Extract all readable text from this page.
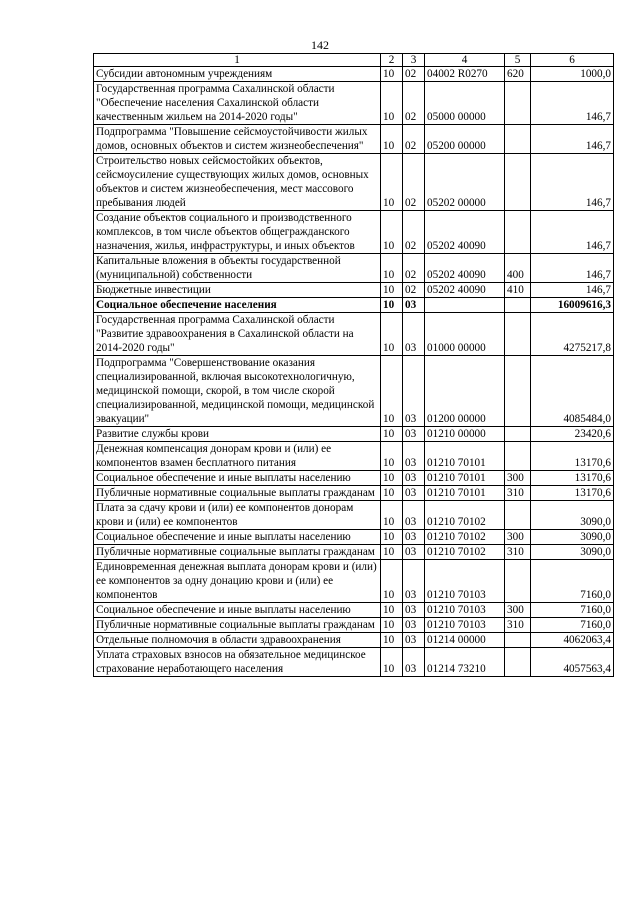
142
1	2	3	4	5	6
Субсидии автономным учреждениям	10	02	04002 R0270	620	1000,0
Государственная программа Сахалинской области "Обеспечение населения Сахалинской области качественным жильем на 2014-2020 годы"	10	02	05000 00000		146,7
Подпрограмма "Повышение сейсмоустойчивости жилых домов, основных объектов и систем жизнеобеспечения"	10	02	05200 00000		146,7
Строительство новых сейсмостойких объектов, сейсмоусиление существующих жилых домов, основных объектов и систем жизнеобеспечения, мест массового пребывания людей	10	02	05202 00000		146,7
Создание объектов социального и производственного комплексов, в том числе объектов общегражданского назначения, жилья, инфраструктуры, и иных объектов	10	02	05202 40090		146,7
Капитальные вложения в объекты государственной (муниципальной) собственности	10	02	05202 40090	400	146,7
Бюджетные инвестиции	10	02	05202 40090	410	146,7
Социальное обеспечение населения	10	03			16009616,3
Государственная программа Сахалинской области "Развитие здравоохранения в Сахалинской области на 2014-2020 годы"	10	03	01000 00000		4275217,8
Подпрограмма "Совершенствование оказания специализированной, включая высокотехнологичную, медицинской помощи, скорой, в том числе скорой специализированной, медицинской помощи, медицинской эвакуации"	10	03	01200 00000		4085484,0
Развитие службы крови	10	03	01210 00000		23420,6
Денежная компенсация донорам крови и (или) ее компонентов взамен бесплатного питания	10	03	01210 70101		13170,6
Социальное обеспечение и иные выплаты населению	10	03	01210 70101	300	13170,6
Публичные нормативные социальные выплаты гражданам	10	03	01210 70101	310	13170,6
Плата за сдачу крови и (или) ее компонентов донорам крови и (или) ее компонентов	10	03	01210 70102		3090,0
Социальное обеспечение и иные выплаты населению	10	03	01210 70102	300	3090,0
Публичные нормативные социальные выплаты гражданам	10	03	01210 70102	310	3090,0
Единовременная денежная выплата донорам крови и (или) ее компонентов за одну донацию крови и (или) ее компонентов	10	03	01210 70103		7160,0
Социальное обеспечение и иные выплаты населению	10	03	01210 70103	300	7160,0
Публичные нормативные социальные выплаты гражданам	10	03	01210 70103	310	7160,0
Отдельные полномочия в области здравоохранения	10	03	01214 00000		4062063,4
Уплата страховых взносов на обязательное медицинское страхование неработающего населения	10	03	01214 73210		4057563,4
